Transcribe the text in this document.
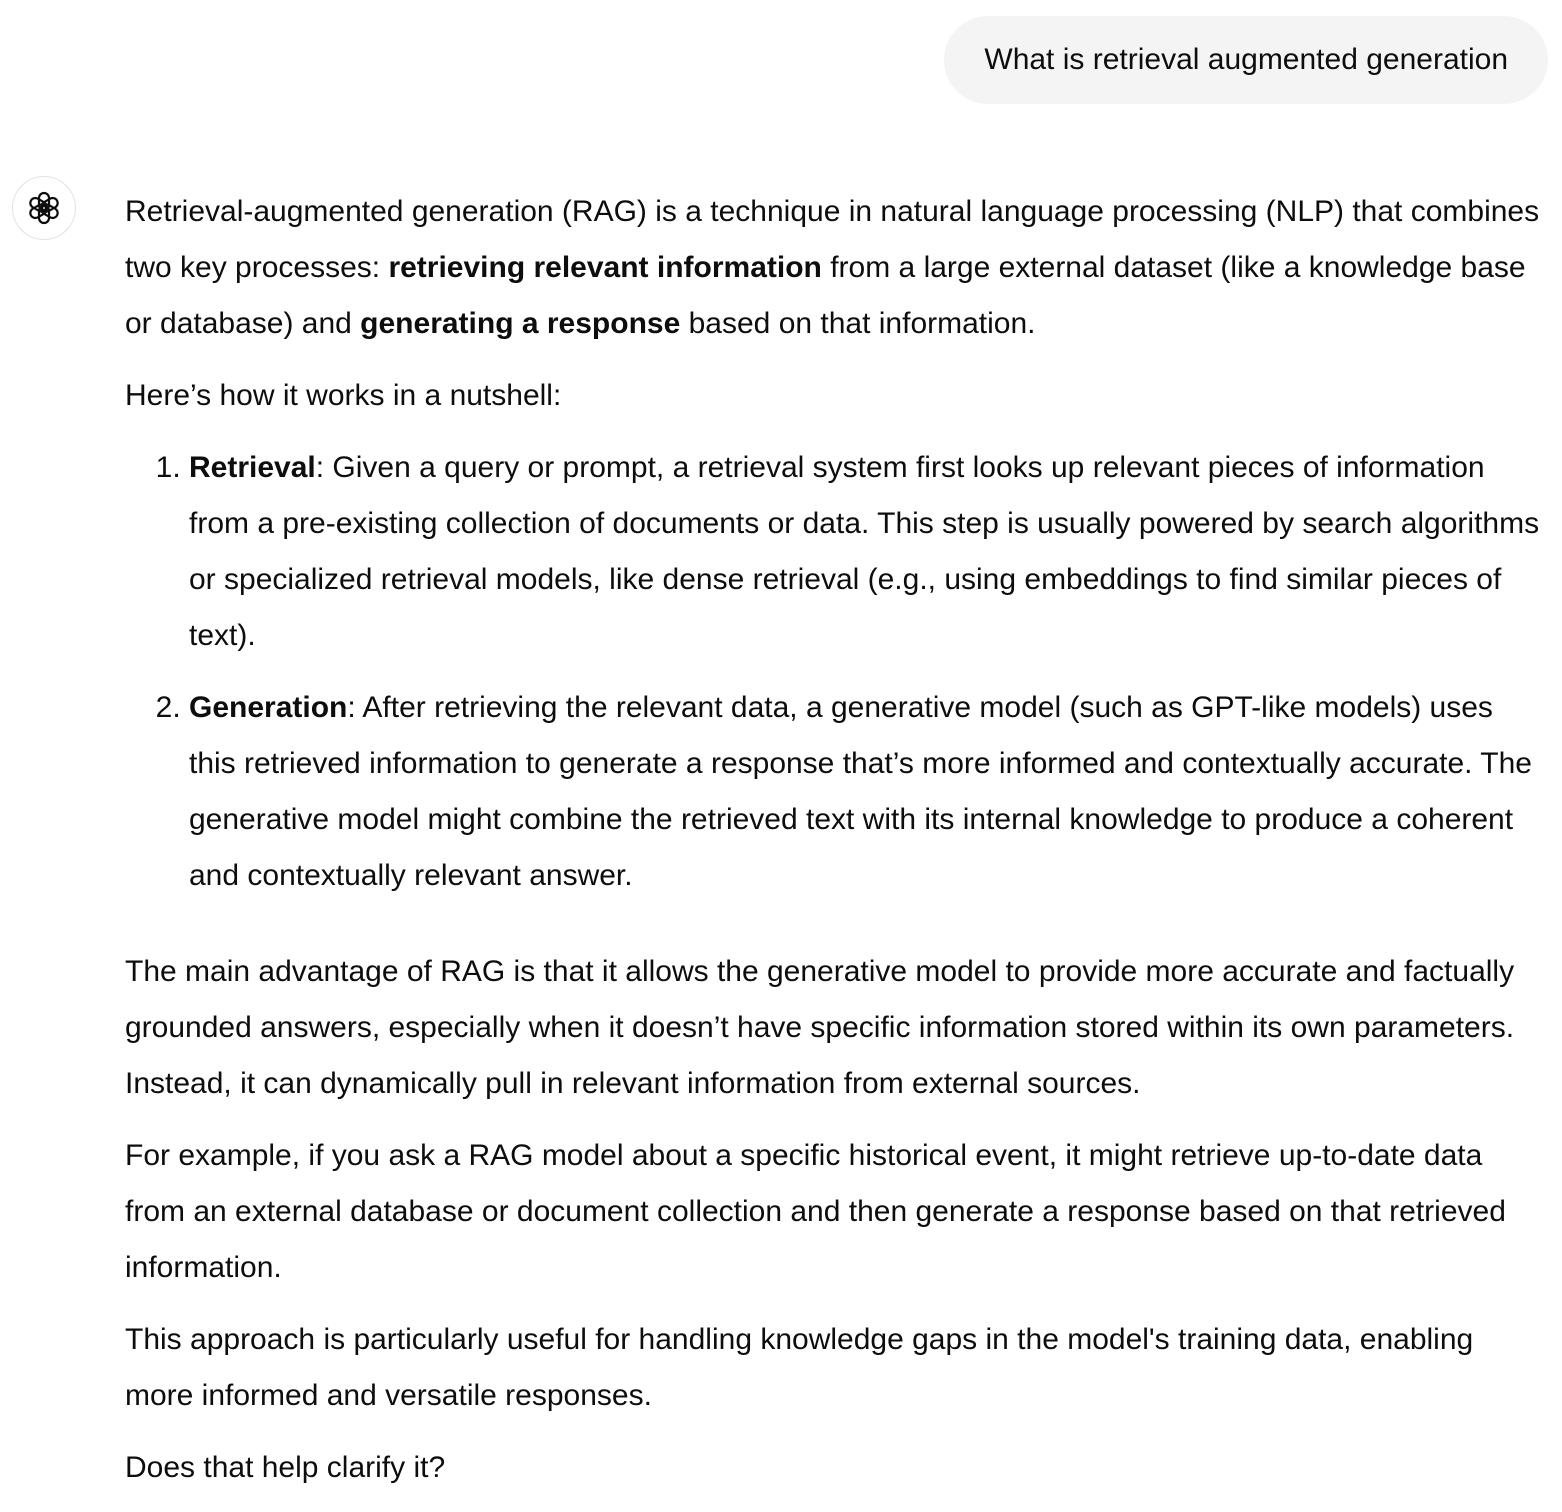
What is retrieval augmented generation

Retrieval-augmented generation (RAG) is a technique in natural language processing (NLP) that combines two key processes: retrieving relevant information from a large external dataset (like a knowledge base or database) and generating a response based on that information.

Here’s how it works in a nutshell:

1. Retrieval: Given a query or prompt, a retrieval system first looks up relevant pieces of information from a pre-existing collection of documents or data. This step is usually powered by search algorithms or specialized retrieval models, like dense retrieval (e.g., using embeddings to find similar pieces of text).
2. Generation: After retrieving the relevant data, a generative model (such as GPT-like models) uses this retrieved information to generate a response that’s more informed and contextually accurate. The generative model might combine the retrieved text with its internal knowledge to produce a coherent and contextually relevant answer.

The main advantage of RAG is that it allows the generative model to provide more accurate and factually grounded answers, especially when it doesn’t have specific information stored within its own parameters. Instead, it can dynamically pull in relevant information from external sources.

For example, if you ask a RAG model about a specific historical event, it might retrieve up-to-date data from an external database or document collection and then generate a response based on that retrieved information.

This approach is particularly useful for handling knowledge gaps in the model's training data, enabling more informed and versatile responses.

Does that help clarify it?
